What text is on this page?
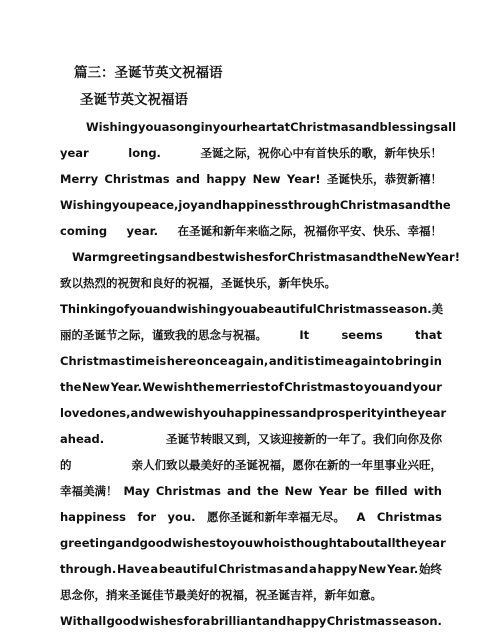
篇三：圣诞节英文祝福语
圣诞节英文祝福语
Wishing you a song in your heart at Christmas and blessings all
year	long.	圣诞之际，祝你心中有首快乐的歌，新年快乐！
Merry Christmas and happy New Year! 圣诞快乐，恭贺新禧！
Wishing you peace, joy and happiness through Christmas and the
coming year. 在圣诞和新年来临之际，祝福你平安、快乐、幸福！
Warm greetings and best wishes for Christmas and the New Year!
致以热烈的祝贺和良好的祝福，圣诞快乐，新年快乐。
Thinking of you and wishing you a beautiful Christmas season. 美
丽的圣诞节之际，谨致我的思念与祝福。	It	seems	that
Christmas time is here once again, and it is time again to bring in
the New Year. We wish the merriest of Christmas to you and your
loved ones, and we wish you happiness and prosperity in the year
ahead.	圣诞节转眼又到，又该迎接新的一年了。我们向你及你
的	亲人们致以最美好的圣诞祝福，愿你在新的一年里事业兴旺，
幸福美满！ May Christmas and the New Year be filled with
happiness for you. 愿你圣诞和新年幸福无尽。 A Christmas
greeting and good wishes to you who is thought about all the year
through. Have a beautiful Christmas and a happy New Year. 始终
思念你，捎来圣诞佳节最美好的祝福，祝圣诞吉祥，新年如意。
With all good wishes for a brilliant and happy Christmas season.
